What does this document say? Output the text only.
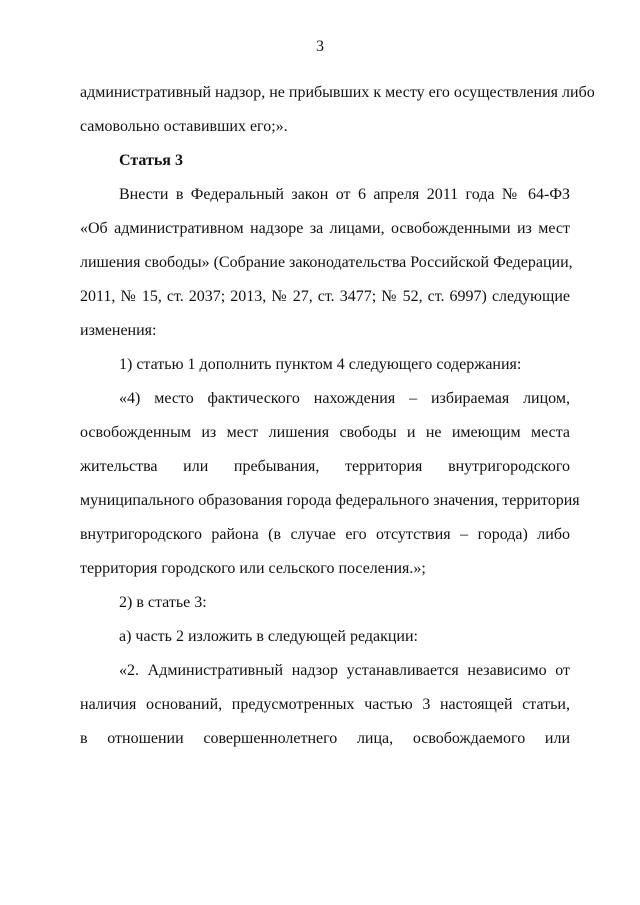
3
административный надзор, не прибывших к месту его осуществления либо
самовольно оставивших его;».
Статья 3
Внести в Федеральный закон от 6 апреля 2011 года № 64-ФЗ
«Об административном надзоре за лицами, освобожденными из мест
лишения свободы» (Собрание законодательства Российской Федерации,
2011, № 15, ст. 2037; 2013, № 27, ст. 3477; № 52, ст. 6997) следующие
изменения:
1) статью 1 дополнить пунктом 4 следующего содержания:
«4) место фактического нахождения – избираемая лицом,
освобожденным из мест лишения свободы и не имеющим места
жительства или пребывания, территория внутригородского
муниципального образования города федерального значения, территория
внутригородского района (в случае его отсутствия – города) либо
территория городского или сельского поселения.»;
2) в статье 3:
а) часть 2 изложить в следующей редакции:
«2. Административный надзор устанавливается независимо от
наличия оснований, предусмотренных частью 3 настоящей статьи,
в отношении совершеннолетнего лица, освобождаемого или
